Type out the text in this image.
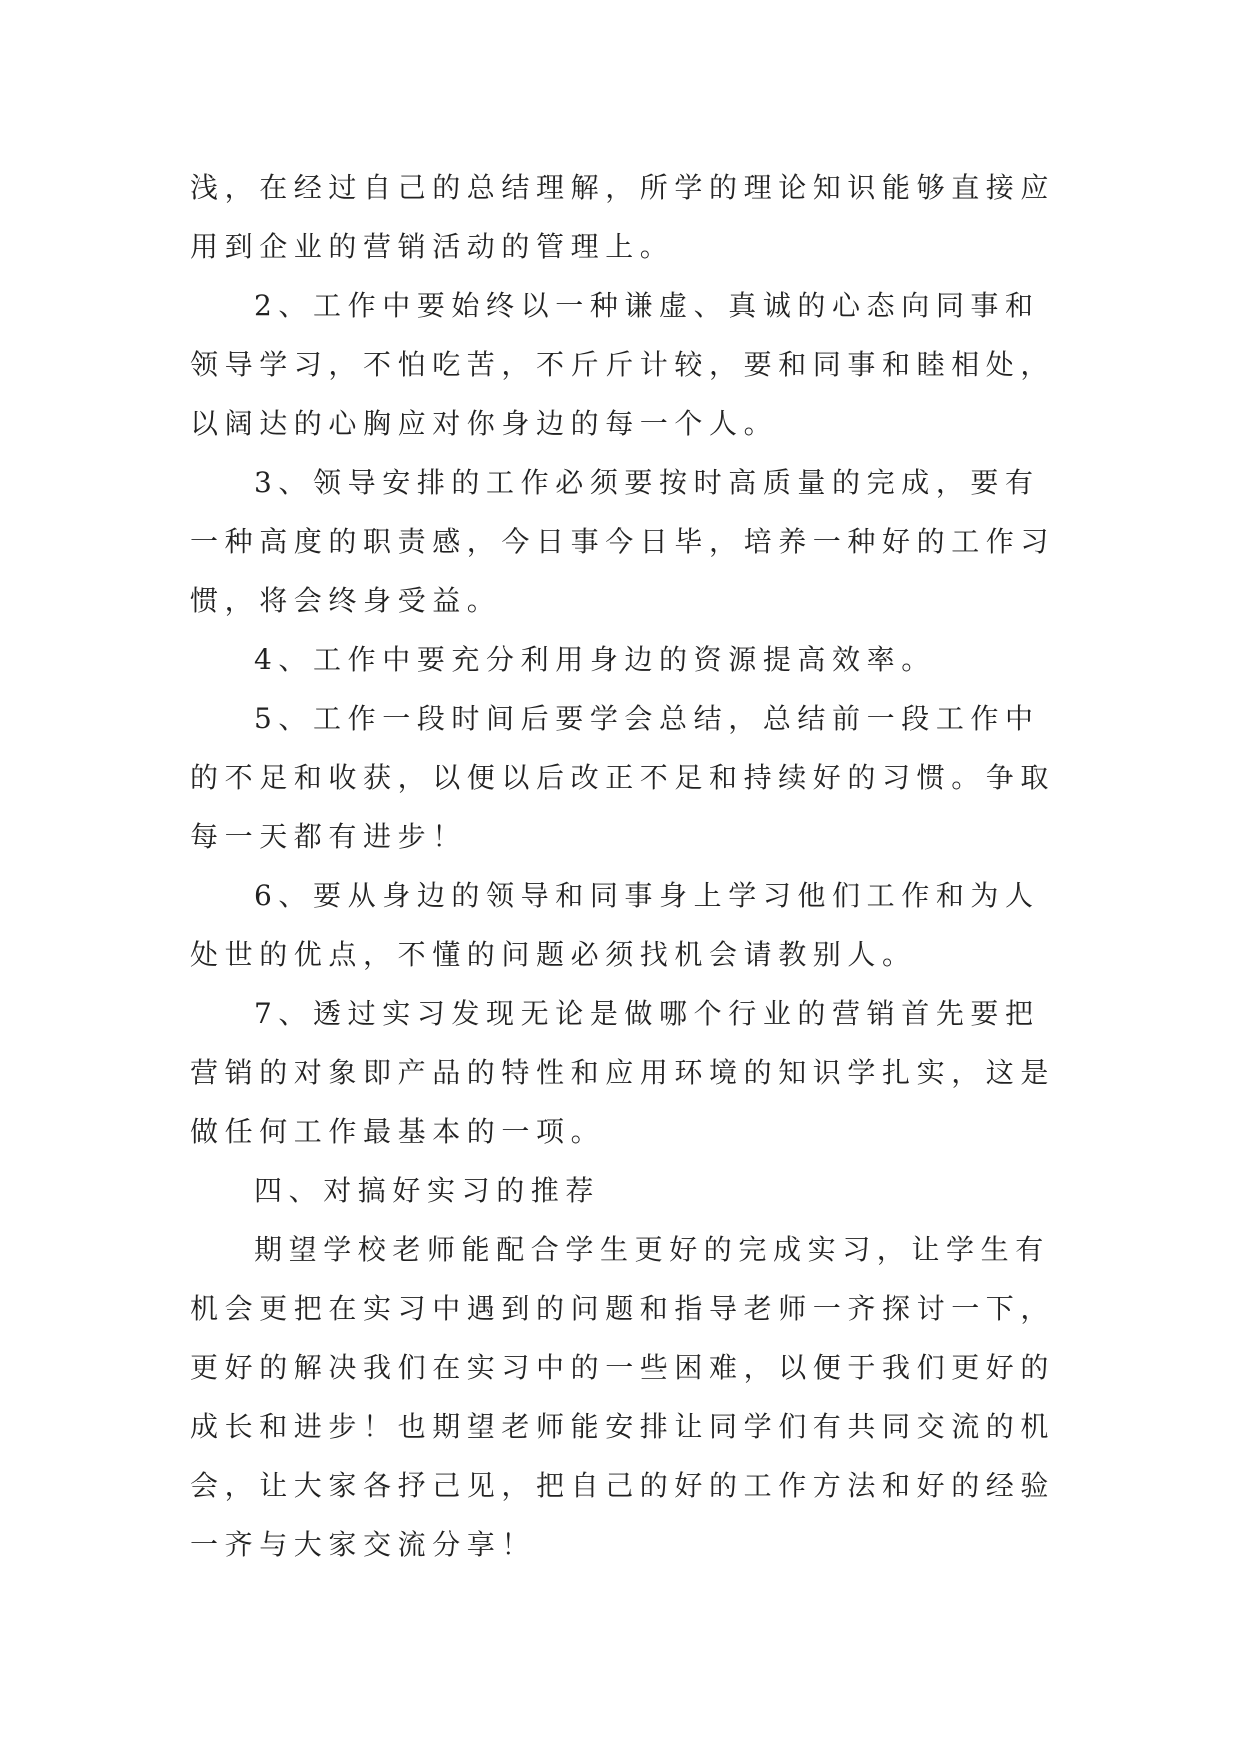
浅，在经过自己的总结理解，所学的理论知识能够直接应用到企业的营销活动的管理上。

2、工作中要始终以一种谦虚、真诚的心态向同事和领导学习，不怕吃苦，不斤斤计较，要和同事和睦相处，以阔达的心胸应对你身边的每一个人。

3、领导安排的工作必须要按时高质量的完成，要有一种高度的职责感，今日事今日毕，培养一种好的工作习惯，将会终身受益。

4、工作中要充分利用身边的资源提高效率。

5、工作一段时间后要学会总结，总结前一段工作中的不足和收获，以便以后改正不足和持续好的习惯。争取每一天都有进步！

6、要从身边的领导和同事身上学习他们工作和为人处世的优点，不懂的问题必须找机会请教别人。

7、透过实习发现无论是做哪个行业的营销首先要把营销的对象即产品的特性和应用环境的知识学扎实，这是做任何工作最基本的一项。

四、对搞好实习的推荐

期望学校老师能配合学生更好的完成实习，让学生有机会更把在实习中遇到的问题和指导老师一齐探讨一下，更好的解决我们在实习中的一些困难，以便于我们更好的成长和进步！也期望老师能安排让同学们有共同交流的机会，让大家各抒己见，把自己的好的工作方法和好的经验一齐与大家交流分享！
